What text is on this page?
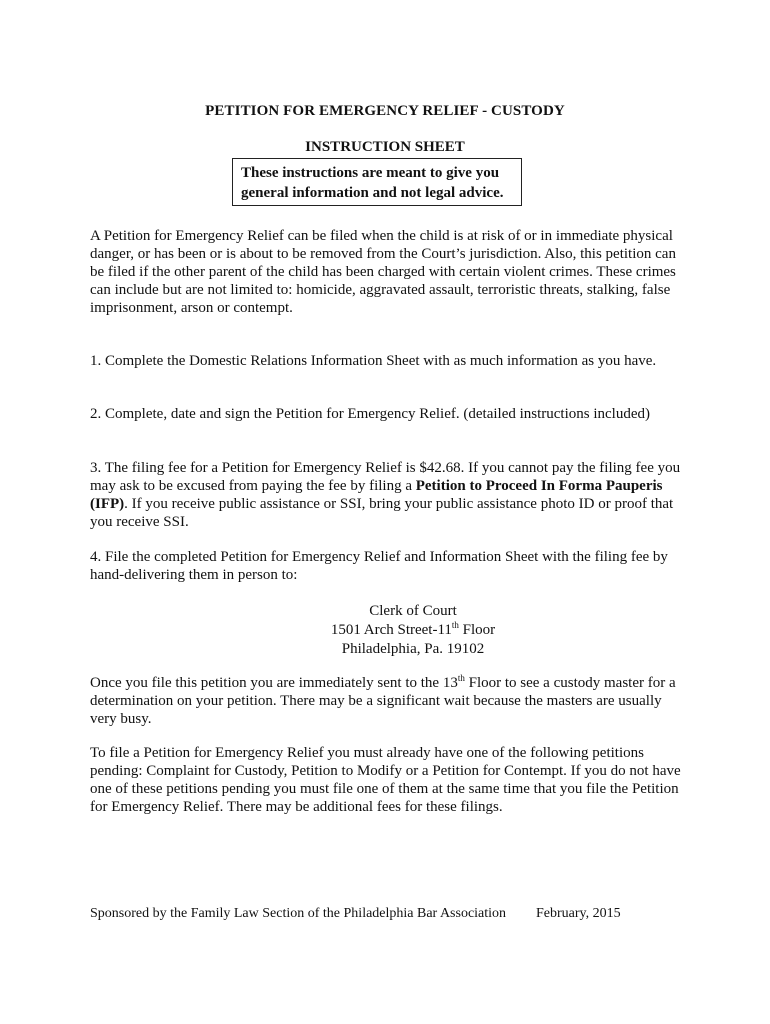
PETITION FOR EMERGENCY RELIEF - CUSTODY
INSTRUCTION SHEET
These instructions are meant to give you
general information and not legal advice.

A Petition for Emergency Relief can be filed when the child is at risk of or in immediate physical danger, or has been or is about to be removed from the Court’s jurisdiction. Also, this petition can be filed if the other parent of the child has been charged with certain violent crimes. These crimes can include but are not limited to: homicide, aggravated assault, terroristic threats, stalking, false imprisonment, arson or contempt.

1. Complete the Domestic Relations Information Sheet with as much information as you have.

2. Complete, date and sign the Petition for Emergency Relief. (detailed instructions included)

3. The filing fee for a Petition for Emergency Relief is $42.68. If you cannot pay the filing fee you may ask to be excused from paying the fee by filing a Petition to Proceed In Forma Pauperis (IFP). If you receive public assistance or SSI, bring your public assistance photo ID or proof that you receive SSI.

4. File the completed Petition for Emergency Relief and Information Sheet with the filing fee by hand-delivering them in person to:

Clerk of Court
1501 Arch Street-11th Floor
Philadelphia, Pa. 19102

Once you file this petition you are immediately sent to the 13th Floor to see a custody master for a determination on your petition. There may be a significant wait because the masters are usually very busy.

To file a Petition for Emergency Relief you must already have one of the following petitions pending: Complaint for Custody, Petition to Modify or a Petition for Contempt. If you do not have one of these petitions pending you must file one of them at the same time that you file the Petition for Emergency Relief. There may be additional fees for these filings.

Sponsored by the Family Law Section of the Philadelphia Bar Association February, 2015
